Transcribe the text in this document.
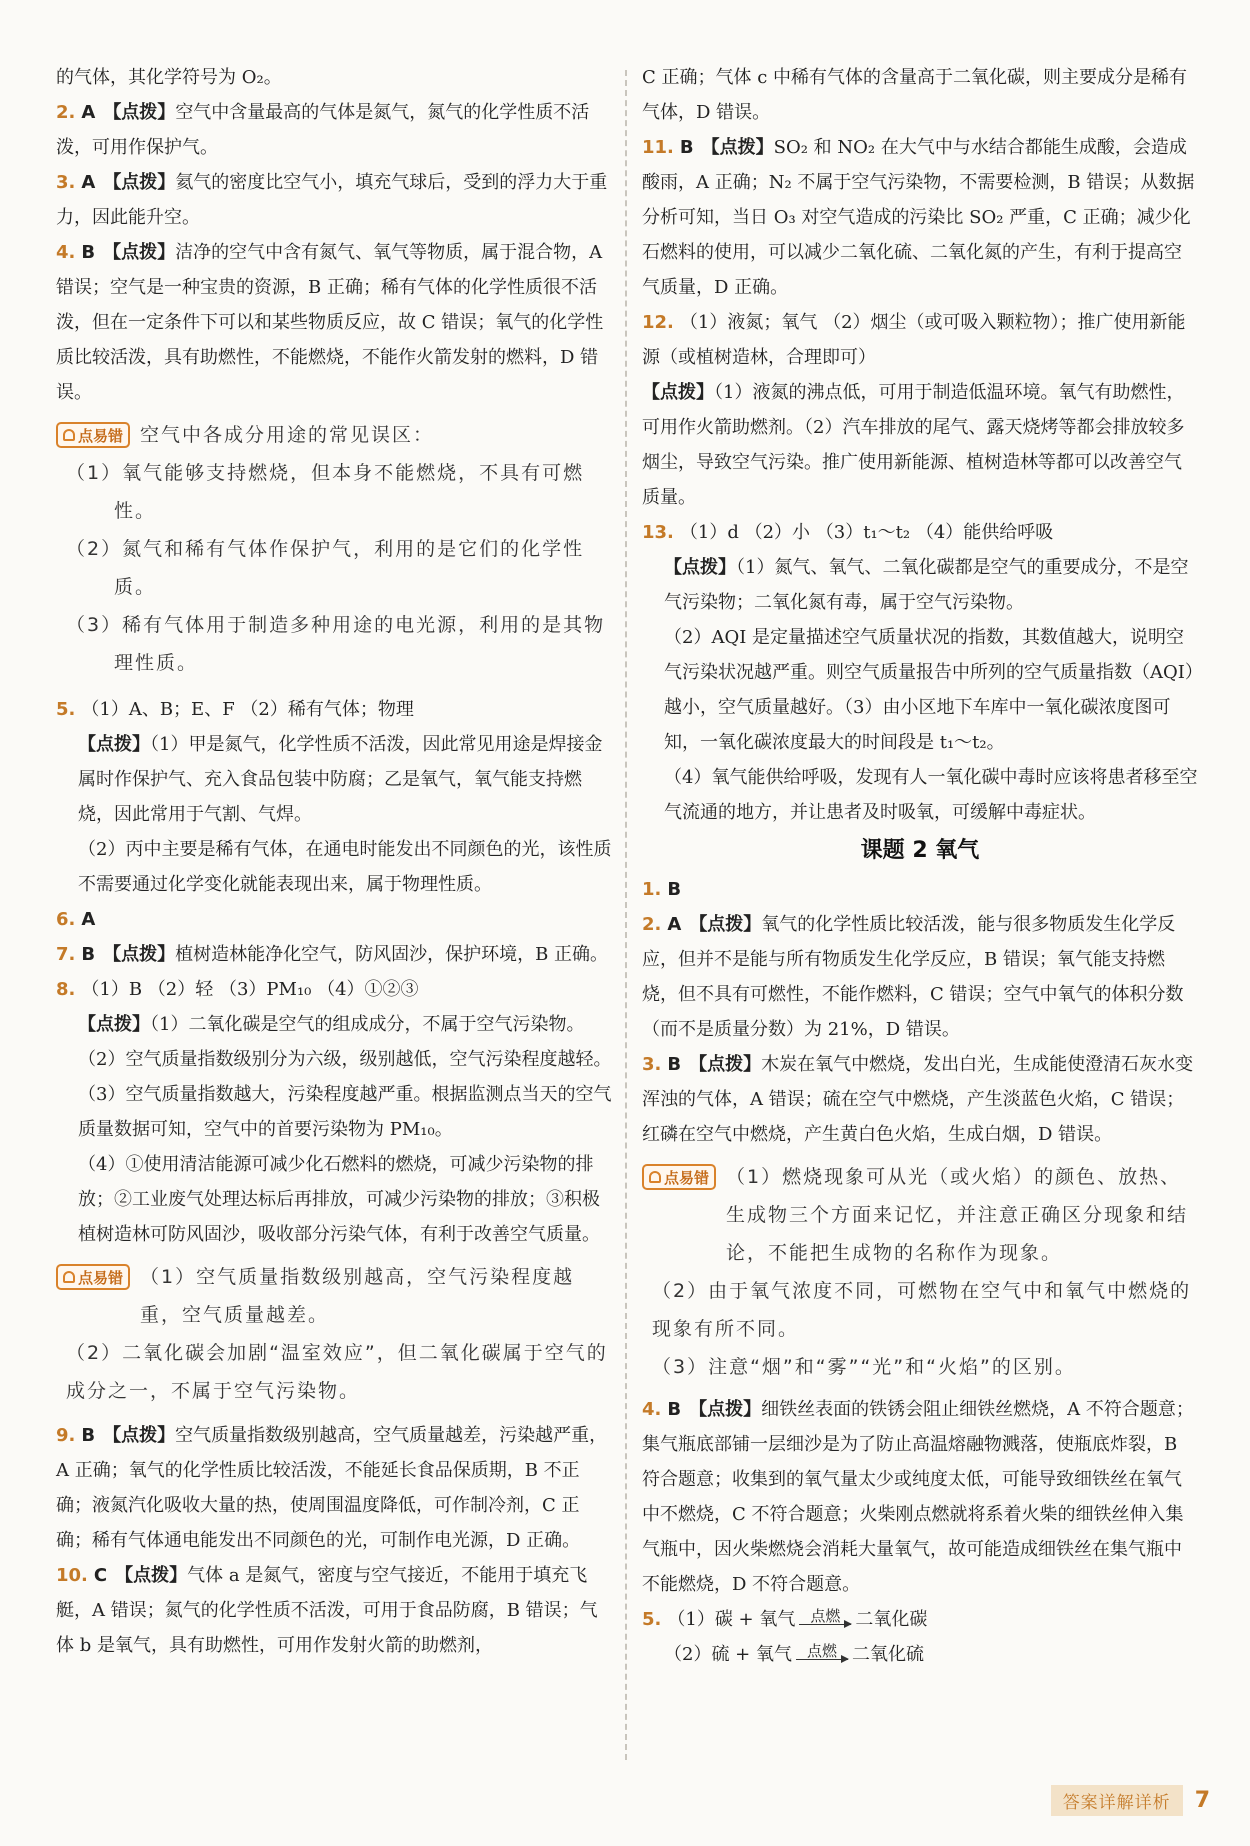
的气体，其化学符号为 O₂。

2. A 【点拨】空气中含量最高的气体是氮气，氮气的化学性质不活泼，可用作保护气。

3. A 【点拨】氦气的密度比空气小，填充气球后，受到的浮力大于重力，因此能升空。

4. B 【点拨】洁净的空气中含有氮气、氧气等物质，属于混合物，A 错误；空气是一种宝贵的资源，B 正确；稀有气体的化学性质很不活泼，但在一定条件下可以和某些物质反应，故 C 错误；氧气的化学性质比较活泼，具有助燃性，不能燃烧，不能作火箭发射的燃料，D 错误。

点易错 空气中各成分用途的常见误区：

（1）氧气能够支持燃烧，但本身不能燃烧，不具有可燃性。

（2）氮气和稀有气体作保护气，利用的是它们的化学性质。

（3）稀有气体用于制造多种用途的电光源，利用的是其物理性质。

5. （1）A、B；E、F （2）稀有气体；物理

【点拨】（1）甲是氮气，化学性质不活泼，因此常见用途是焊接金属时作保护气、充入食品包装中防腐；乙是氧气，氧气能支持燃烧，因此常用于气割、气焊。

（2）丙中主要是稀有气体，在通电时能发出不同颜色的光，该性质不需要通过化学变化就能表现出来，属于物理性质。

6. A

7. B 【点拨】植树造林能净化空气，防风固沙，保护环境，B 正确。

8. （1）B （2）轻 （3）PM₁₀ （4）①②③

【点拨】（1）二氧化碳是空气的组成成分，不属于空气污染物。

（2）空气质量指数级别分为六级，级别越低，空气污染程度越轻。（3）空气质量指数越大，污染程度越严重。根据监测点当天的空气质量数据可知，空气中的首要污染物为 PM₁₀。

（4）①使用清洁能源可减少化石燃料的燃烧，可减少污染物的排放；②工业废气处理达标后再排放，可减少污染物的排放；③积极植树造林可防风固沙，吸收部分污染气体，有利于改善空气质量。

点易错 （1）空气质量指数级别越高，空气污染程度越重，空气质量越差。

（2）二氧化碳会加剧“温室效应”，但二氧化碳属于空气的成分之一，不属于空气污染物。

9. B 【点拨】空气质量指数级别越高，空气质量越差，污染越严重，A 正确；氧气的化学性质比较活泼，不能延长食品保质期，B 不正确；液氮汽化吸收大量的热，使周围温度降低，可作制冷剂，C 正确；稀有气体通电能发出不同颜色的光，可制作电光源，D 正确。

10. C 【点拨】气体 a 是氮气，密度与空气接近，不能用于填充飞艇，A 错误；氮气的化学性质不活泼，可用于食品防腐，B 错误；气体 b 是氧气，具有助燃性，可用作发射火箭的助燃剂，

C 正确；气体 c 中稀有气体的含量高于二氧化碳，则主要成分是稀有气体，D 错误。

11. B 【点拨】SO₂ 和 NO₂ 在大气中与水结合都能生成酸，会造成酸雨，A 正确；N₂ 不属于空气污染物，不需要检测，B 错误；从数据分析可知，当日 O₃ 对空气造成的污染比 SO₂ 严重，C 正确；减少化石燃料的使用，可以减少二氧化硫、二氧化氮的产生，有利于提高空气质量，D 正确。

12. （1）液氮；氧气 （2）烟尘（或可吸入颗粒物）；推广使用新能源（或植树造林，合理即可）

【点拨】（1）液氮的沸点低，可用于制造低温环境。氧气有助燃性，可用作火箭助燃剂。（2）汽车排放的尾气、露天烧烤等都会排放较多烟尘，导致空气污染。推广使用新能源、植树造林等都可以改善空气质量。

13. （1）d （2）小 （3）t₁～t₂ （4）能供给呼吸

【点拨】（1）氮气、氧气、二氧化碳都是空气的重要成分，不是空气污染物；二氧化氮有毒，属于空气污染物。

（2）AQI 是定量描述空气质量状况的指数，其数值越大，说明空气污染状况越严重。则空气质量报告中所列的空气质量指数（AQI）越小，空气质量越好。（3）由小区地下车库中一氧化碳浓度图可知，一氧化碳浓度最大的时间段是 t₁～t₂。

（4）氧气能供给呼吸，发现有人一氧化碳中毒时应该将患者移至空气流通的地方，并让患者及时吸氧，可缓解中毒症状。

课题 2 氧气

1. B

2. A 【点拨】氧气的化学性质比较活泼，能与很多物质发生化学反应，但并不是能与所有物质发生化学反应，B 错误；氧气能支持燃烧，但不具有可燃性，不能作燃料，C 错误；空气中氧气的体积分数（而不是质量分数）为 21%，D 错误。

3. B 【点拨】木炭在氧气中燃烧，发出白光，生成能使澄清石灰水变浑浊的气体，A 错误；硫在空气中燃烧，产生淡蓝色火焰，C 错误；红磷在空气中燃烧，产生黄白色火焰，生成白烟，D 错误。

点易错 （1）燃烧现象可从光（或火焰）的颜色、放热、生成物三个方面来记忆，并注意正确区分现象和结论，不能把生成物的名称作为现象。

（2）由于氧气浓度不同，可燃物在空气中和氧气中燃烧的现象有所不同。

（3）注意“烟”和“雾”“光”和“火焰”的区别。

4. B 【点拨】细铁丝表面的铁锈会阻止细铁丝燃烧，A 不符合题意；集气瓶底部铺一层细沙是为了防止高温熔融物溅落，使瓶底炸裂，B 符合题意；收集到的氧气量太少或纯度太低，可能导致细铁丝在氧气中不燃烧，C 不符合题意；火柴刚点燃就将系着火柴的细铁丝伸入集气瓶中，因火柴燃烧会消耗大量氧气，故可能造成细铁丝在集气瓶中不能燃烧，D 不符合题意。

5. （1）碳 + 氧气 点燃 二氧化碳
（2）硫 + 氧气 点燃 二氧化硫
答案详解详析	7
